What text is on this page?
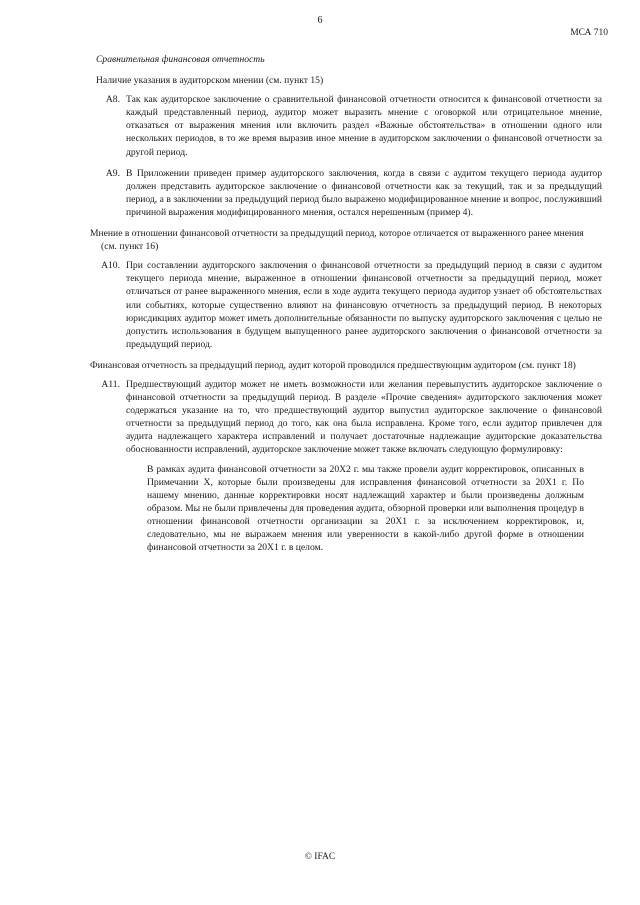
6
МСА 710
Сравнительная финансовая отчетность
Наличие указания в аудиторском мнении (см. пункт 15)
A8. Так как аудиторское заключение о сравнительной финансовой отчетности относится к финансовой отчетности за каждый представленный период, аудитор может выразить мнение с оговоркой или отрицательное мнение, отказаться от выражения мнения или включить раздел «Важные обстоятельства» в отношении одного или нескольких периодов, в то же время выразив иное мнение в аудиторском заключении о финансовой отчетности за другой период.
A9. В Приложении приведен пример аудиторского заключения, когда в связи с аудитом текущего периода аудитор должен представить аудиторское заключение о финансовой отчетности как за текущий, так и за предыдущий период, а в заключении за предыдущий период было выражено модифицированное мнение и вопрос, послуживший причиной выражения модифицированного мнения, остался нерешенным (пример 4).
Мнение в отношении финансовой отчетности за предыдущий период, которое отличается от выраженного ранее мнения (см. пункт 16)
A10. При составлении аудиторского заключения о финансовой отчетности за предыдущий период в связи с аудитом текущего периода мнение, выраженное в отношении финансовой отчетности за предыдущий период, может отличаться от ранее выраженного мнения, если в ходе аудита текущего периода аудитор узнает об обстоятельствах или событиях, которые существенно влияют на финансовую отчетность за предыдущий период. В некоторых юрисдикциях аудитор может иметь дополнительные обязанности по выпуску аудиторского заключения с целью не допустить использования в будущем выпущенного ранее аудиторского заключения о финансовой отчетности за предыдущий период.
Финансовая отчетность за предыдущий период, аудит которой проводился предшествующим аудитором (см. пункт 18)
A11. Предшествующий аудитор может не иметь возможности или желания перевыпустить аудиторское заключение о финансовой отчетности за предыдущий период. В разделе «Прочие сведения» аудиторского заключения может содержаться указание на то, что предшествующий аудитор выпустил аудиторское заключение о финансовой отчетности за предыдущий период до того, как она была исправлена. Кроме того, если аудитор привлечен для аудита надлежащего характера исправлений и получает достаточные надлежащие аудиторские доказательства обоснованности исправлений, аудиторское заключение может также включать следующую формулировку:
В рамках аудита финансовой отчетности за 20X2 г. мы также провели аудит корректировок, описанных в Примечании X, которые были произведены для исправления финансовой отчетности за 20X1 г. По нашему мнению, данные корректировки носят надлежащий характер и были произведены должным образом. Мы не были привлечены для проведения аудита, обзорной проверки или выполнения процедур в отношении финансовой отчетности организации за 20X1 г. за исключением корректировок, и, следовательно, мы не выражаем мнения или уверенности в какой-либо другой форме в отношении финансовой отчетности за 20X1 г. в целом.
© IFAC
